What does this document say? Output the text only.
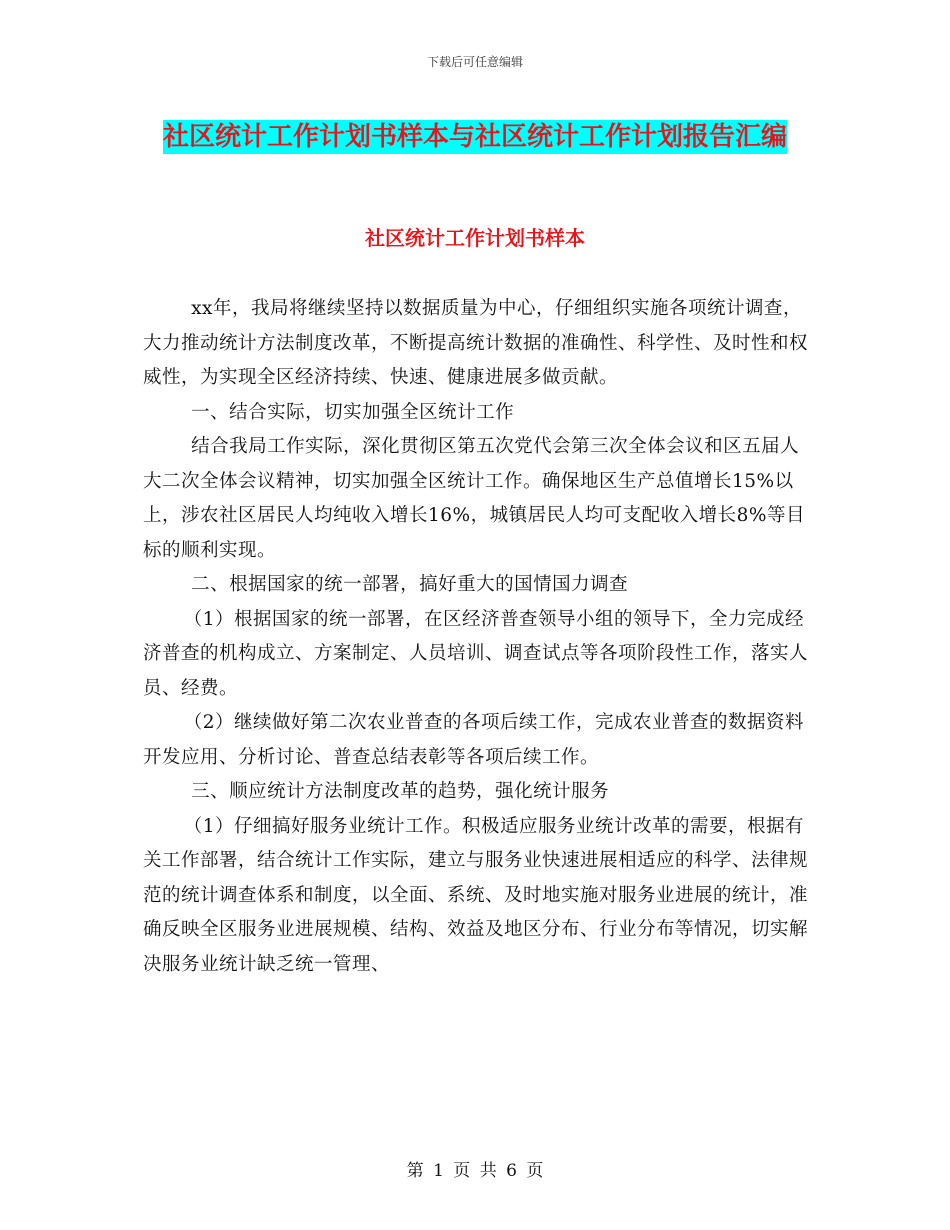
下载后可任意编辑
社区统计工作计划书样本与社区统计工作计划报告汇编
社区统计工作计划书样本

xx年，我局将继续坚持以数据质量为中心，仔细组织实施各项统计调查，大力推动统计方法制度改革，不断提高统计数据的准确性、科学性、及时性和权威性，为实现全区经济持续、快速、健康进展多做贡献。

一、结合实际，切实加强全区统计工作

结合我局工作实际，深化贯彻区第五次党代会第三次全体会议和区五届人大二次全体会议精神，切实加强全区统计工作。确保地区生产总值增长15%以上，涉农社区居民人均纯收入增长16%，城镇居民人均可支配收入增长8%等目标的顺利实现。

二、根据国家的统一部署，搞好重大的国情国力调查

（1）根据国家的统一部署，在区经济普查领导小组的领导下，全力完成经济普查的机构成立、方案制定、人员培训、调查试点等各项阶段性工作，落实人员、经费。

（2）继续做好第二次农业普查的各项后续工作，完成农业普查的数据资料开发应用、分析讨论、普查总结表彰等各项后续工作。

三、顺应统计方法制度改革的趋势，强化统计服务

（1）仔细搞好服务业统计工作。积极适应服务业统计改革的需要，根据有关工作部署，结合统计工作实际，建立与服务业快速进展相适应的科学、法律规范的统计调查体系和制度，以全面、系统、及时地实施对服务业进展的统计，准确反映全区服务业进展规模、结构、效益及地区分布、行业分布等情况，切实解决服务业统计缺乏统一管理、

第 1 页 共 6 页
